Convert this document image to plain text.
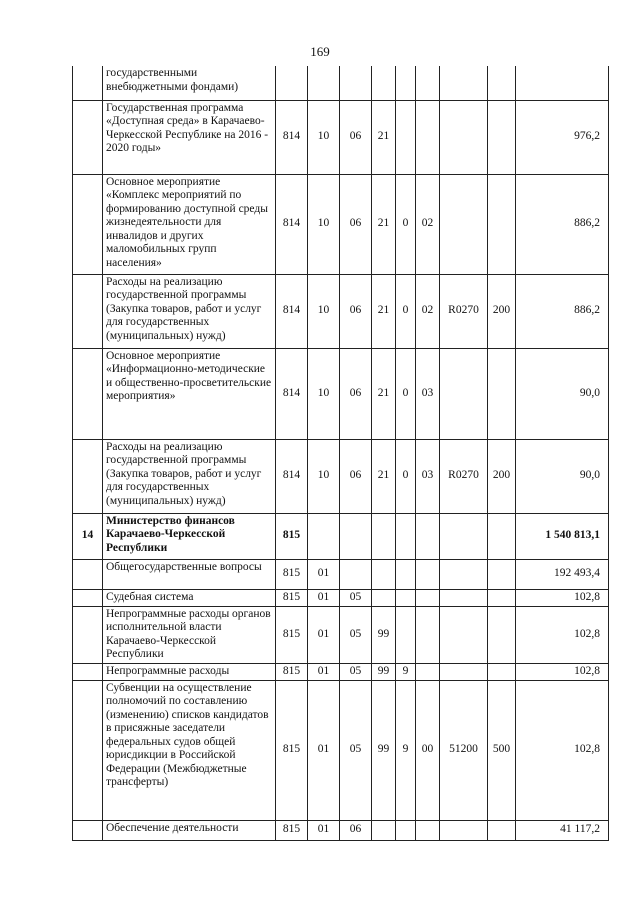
169
	государственными внебюджетными фондами)									
	Государственная программа «Доступная среда» в Карачаево-Черкесской Республике на 2016 - 2020 годы»	814	10	06	21					976,2
	Основное мероприятие «Комплекс мероприятий по формированию доступной среды жизнедеятельности для инвалидов и других маломобильных групп населения»	814	10	06	21	0	02			886,2
	Расходы на реализацию государственной программы (Закупка товаров, работ и услуг для государственных (муниципальных) нужд)	814	10	06	21	0	02	R0270	200	886,2
	Основное мероприятие «Информационно-методические и общественно-просветительские мероприятия»	814	10	06	21	0	03			90,0
	Расходы на реализацию государственной программы (Закупка товаров, работ и услуг для государственных (муниципальных) нужд)	814	10	06	21	0	03	R0270	200	90,0
14	Министерство финансов Карачаево-Черкесской Республики	815								1 540 813,1
	Общегосударственные вопросы	815	01							192 493,4
	Судебная система	815	01	05						102,8
	Непрограммные расходы органов исполнительной власти Карачаево-Черкесской Республики	815	01	05	99					102,8
	Непрограммные расходы	815	01	05	99	9				102,8
	Субвенции на осуществление полномочий по составлению (изменению) списков кандидатов в присяжные заседатели федеральных судов общей юрисдикции в Российской Федерации (Межбюджетные трансферты)	815	01	05	99	9	00	51200	500	102,8
	Обеспечение деятельности	815	01	06						41 117,2
